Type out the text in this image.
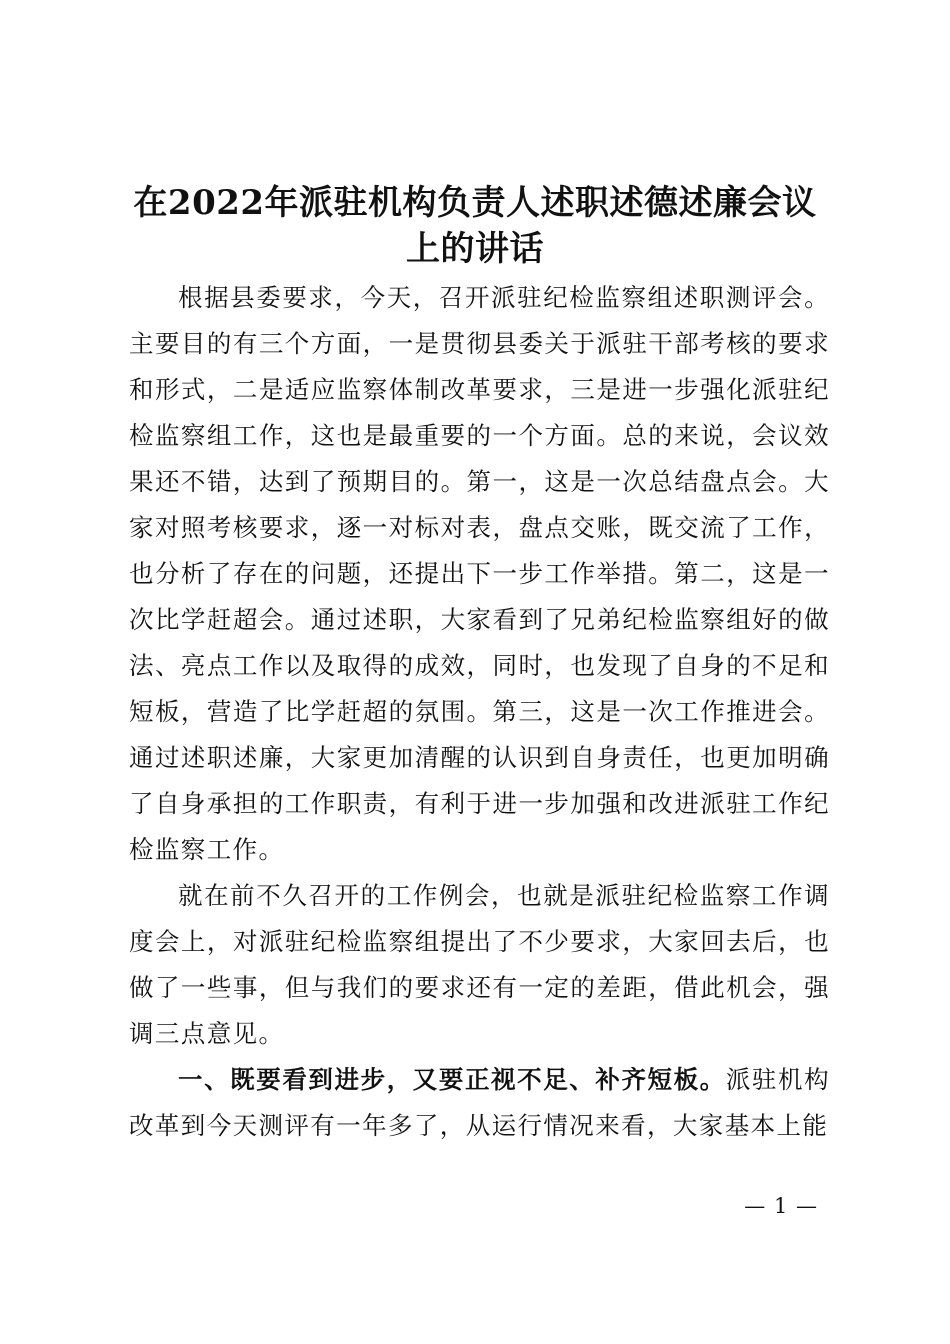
在2022年派驻机构负责人述职述德述廉会议上的讲话

根据县委要求，今天，召开派驻纪检监察组述职测评会。主要目的有三个方面，一是贯彻县委关于派驻干部考核的要求和形式，二是适应监察体制改革要求，三是进一步强化派驻纪检监察组工作，这也是最重要的一个方面。总的来说，会议效果还不错，达到了预期目的。第一，这是一次总结盘点会。大家对照考核要求，逐一对标对表，盘点交账，既交流了工作，也分析了存在的问题，还提出下一步工作举措。第二，这是一次比学赶超会。通过述职，大家看到了兄弟纪检监察组好的做法、亮点工作以及取得的成效，同时，也发现了自身的不足和短板，营造了比学赶超的氛围。第三，这是一次工作推进会。通过述职述廉，大家更加清醒的认识到自身责任，也更加明确了自身承担的工作职责，有利于进一步加强和改进派驻工作纪检监察工作。

就在前不久召开的工作例会，也就是派驻纪检监察工作调度会上，对派驻纪检监察组提出了不少要求，大家回去后，也做了一些事，但与我们的要求还有一定的差距，借此机会，强调三点意见。

一、既要看到进步，又要正视不足、补齐短板。派驻机构改革到今天测评有一年多了，从运行情况来看，大家基本上能

— 1 —
